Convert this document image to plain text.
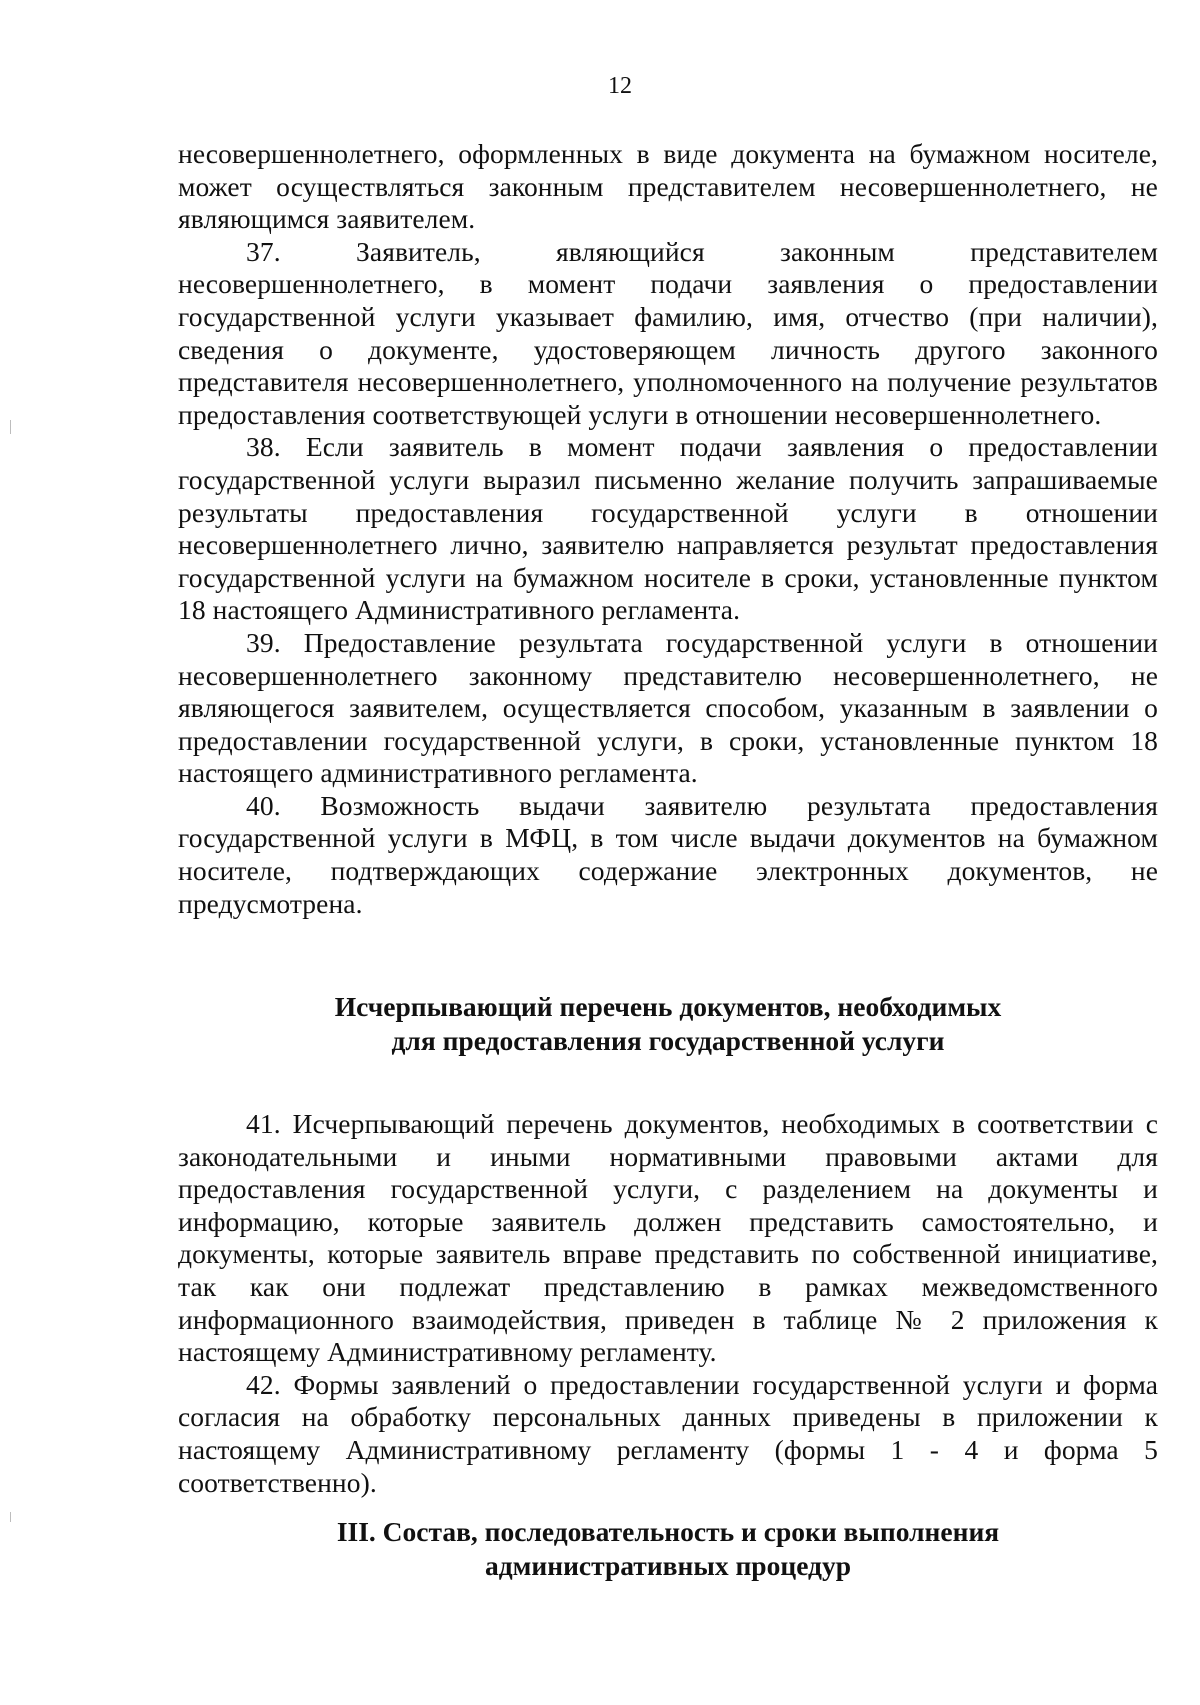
12

несовершеннолетнего, оформленных в виде документа на бумажном носителе, может осуществляться законным представителем несовершеннолетнего, не являющимся заявителем.

37. Заявитель, являющийся законным представителем несовершеннолетнего, в момент подачи заявления о предоставлении государственной услуги указывает фамилию, имя, отчество (при наличии), сведения о документе, удостоверяющем личность другого законного представителя несовершеннолетнего, уполномоченного на получение результатов предоставления соответствующей услуги в отношении несовершеннолетнего.

38. Если заявитель в момент подачи заявления о предоставлении государственной услуги выразил письменно желание получить запрашиваемые результаты предоставления государственной услуги в отношении несовершеннолетнего лично, заявителю направляется результат предоставления государственной услуги на бумажном носителе в сроки, установленные пунктом 18 настоящего Административного регламента.

39. Предоставление результата государственной услуги в отношении несовершеннолетнего законному представителю несовершеннолетнего, не являющегося заявителем, осуществляется способом, указанным в заявлении о предоставлении государственной услуги, в сроки, установленные пунктом 18 настоящего административного регламента.

40. Возможность выдачи заявителю результата предоставления государственной услуги в МФЦ, в том числе выдачи документов на бумажном носителе, подтверждающих содержание электронных документов, не предусмотрена.

Исчерпывающий перечень документов, необходимых
для предоставления государственной услуги

41. Исчерпывающий перечень документов, необходимых в соответствии с законодательными и иными нормативными правовыми актами для предоставления государственной услуги, с разделением на документы и информацию, которые заявитель должен представить самостоятельно, и документы, которые заявитель вправе представить по собственной инициативе, так как они подлежат представлению в рамках межведомственного информационного взаимодействия, приведен в таблице № 2 приложения к настоящему Административному регламенту.

42. Формы заявлений о предоставлении государственной услуги и форма согласия на обработку персональных данных приведены в приложении к настоящему Административному регламенту (формы 1 - 4 и форма 5 соответственно).

III. Состав, последовательность и сроки выполнения
административных процедур
